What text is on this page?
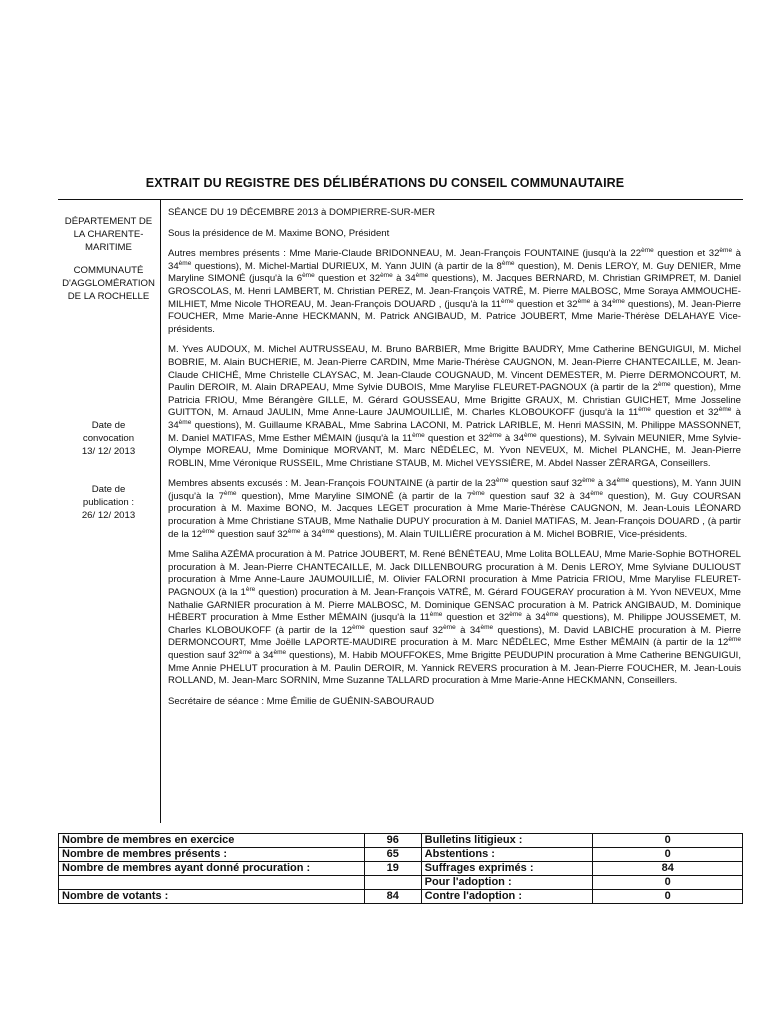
EXTRAIT DU REGISTRE DES DÉLIBÉRATIONS DU CONSEIL COMMUNAUTAIRE
DÉPARTEMENT DE
LA CHARENTE-
MARITIME
COMMUNAUTÉ
D'AGGLOMÉRATION
DE LA ROCHELLE
Date de
convocation
13/ 12/ 2013
Date de
publication :
26/ 12/ 2013

SÉANCE DU 19 DÉCEMBRE 2013 à DOMPIERRE-SUR-MER

Sous la présidence de M. Maxime BONO, Président

Autres membres présents : Mme Marie-Claude BRIDONNEAU, M. Jean-François FOUNTAINE (jusqu'à la 22ème question et 32ème à 34ème questions), M. Michel-Martial DURIEUX, M. Yann JUIN (à partir de la 8ème question), M. Denis LEROY, M. Guy DENIER, Mme Maryline SIMONÉ (jusqu'à la 6ème question et 32ème à 34ème questions), M. Jacques BERNARD, M. Christian GRIMPRET, M. Daniel GROSCOLAS, M. Henri LAMBERT, M. Christian PEREZ, M. Jean-François VATRÉ, M. Pierre MALBOSC, Mme Soraya AMMOUCHE-MILHIET, Mme Nicole THOREAU, M. Jean-François DOUARD , (jusqu'à la 11ème question et 32ème à 34ème questions), M. Jean-Pierre FOUCHER, Mme Marie-Anne HECKMANN, M. Patrick ANGIBAUD, M. Patrice JOUBERT, Mme Marie-Thérèse DELAHAYE Vice-présidents.

M. Yves AUDOUX, M. Michel AUTRUSSEAU, M. Bruno BARBIER, Mme Brigitte BAUDRY, Mme Catherine BENGUIGUI, M. Michel BOBRIE, M. Alain BUCHERIE, M. Jean-Pierre CARDIN, Mme Marie-Thérèse CAUGNON, M. Jean-Pierre CHANTECAILLE, M. Jean-Claude CHICHÉ, Mme Christelle CLAYSAC, M. Jean-Claude COUGNAUD, M. Vincent DEMESTER, M. Pierre DERMONCOURT, M. Paulin DEROIR, M. Alain DRAPEAU, Mme Sylvie DUBOIS, Mme Marylise FLEURET-PAGNOUX (à partir de la 2ème question), Mme Patricia FRIOU, Mme Bérangère GILLE, M. Gérard GOUSSEAU, Mme Brigitte GRAUX, M. Christian GUICHET, Mme Josseline GUITTON, M. Arnaud JAULIN, Mme Anne-Laure JAUMOUILLIÉ, M. Charles KLOBOUKOFF (jusqu'à la 11ème question et 32ème à 34ème questions), M. Guillaume KRABAL, Mme Sabrina LACONI, M. Patrick LARIBLE, M. Henri MASSIN, M. Philippe MASSONNET, M. Daniel MATIFAS, Mme Esther MÉMAIN (jusqu'à la 11ème question et 32ème à 34ème questions), M. Sylvain MEUNIER, Mme Sylvie-Olympe MOREAU, Mme Dominique MORVANT, M. Marc NÉDÉLEC, M. Yvon NEVEUX, M. Michel PLANCHE, M. Jean-Pierre ROBLIN, Mme Véronique RUSSEIL, Mme Christiane STAUB, M. Michel VEYSSIÈRE, M. Abdel Nasser ZÉRARGA, Conseillers.

Membres absents excusés : M. Jean-François FOUNTAINE (à partir de la 23ème question sauf 32ème à 34ème questions), M. Yann JUIN (jusqu'à la 7ème question), Mme Maryline SIMONÉ (à partir de la 7ème question sauf 32 à 34ème question), M. Guy COURSAN procuration à M. Maxime BONO, M. Jacques LEGET procuration à Mme Marie-Thérèse CAUGNON, M. Jean-Louis LÉONARD procuration à Mme Christiane STAUB, Mme Nathalie DUPUY procuration à M. Daniel MATIFAS, M. Jean-François DOUARD , (à partir de la 12ème question sauf 32ème à 34ème questions), M. Alain TUILLIÈRE procuration à M. Michel BOBRIE, Vice-présidents.

Mme Saliha AZÉMA procuration à M. Patrice JOUBERT, M. René BÉNÉTEAU, Mme Lolita BOLLEAU, Mme Marie-Sophie BOTHOREL procuration à M. Jean-Pierre CHANTECAILLE, M. Jack DILLENBOURG procuration à M. Denis LEROY, Mme Sylviane DULIOUST procuration à Mme Anne-Laure JAUMOUILLIÉ, M. Olivier FALORNI procuration à Mme Patricia FRIOU, Mme Marylise FLEURET-PAGNOUX (à la 1ère question) procuration à M. Jean-François VATRÉ, M. Gérard FOUGERAY procuration à M. Yvon NEVEUX, Mme Nathalie GARNIER procuration à M. Pierre MALBOSC, M. Dominique GENSAC procuration à M. Patrick ANGIBAUD, M. Dominique HÉBERT procuration à Mme Esther MÉMAIN (jusqu'à la 11ème question et 32ème à 34ème questions), M. Philippe JOUSSEMET, M. Charles KLOBOUKOFF (à partir de la 12ème question sauf 32ème à 34ème questions), M. David LABICHE procuration à M. Pierre DERMONCOURT, Mme Joëlle LAPORTE-MAUDIRE procuration à M. Marc NÉDÉLEC, Mme Esther MÉMAIN (à partir de la 12ème question sauf 32ème à 34ème questions), M. Habib MOUFFOKES, Mme Brigitte PEUDUPIN procuration à Mme Catherine BENGUIGUI, Mme Annie PHELUT procuration à M. Paulin DEROIR, M. Yannick REVERS procuration à M. Jean-Pierre FOUCHER, M. Jean-Louis ROLLAND, M. Jean-Marc SORNIN, Mme Suzanne TALLARD procuration à Mme Marie-Anne HECKMANN, Conseillers.

Secrétaire de séance : Mme Émilie de GUÉNIN-SABOURAUD

Nombre de membres en exercice	96	Bulletins litigieux :	0
Nombre de membres présents :	65	Abstentions :	0
Nombre de membres ayant donné procuration :	19	Suffrages exprimés :	84
		Pour l'adoption :	0
Nombre de votants :	84	Contre l'adoption :	0
